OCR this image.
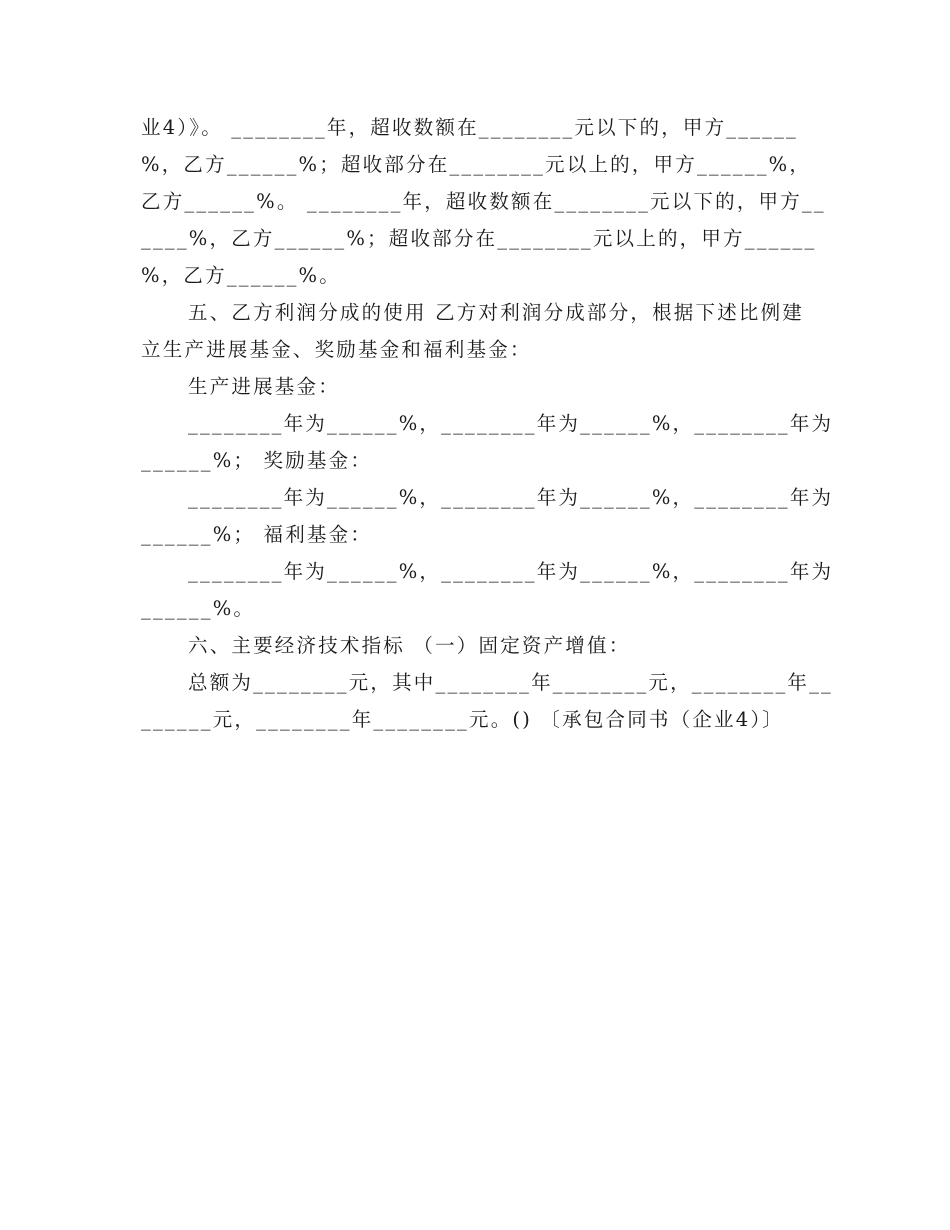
业4）》。 ________年，超收数额在________元以下的，甲方______
%，乙方______%；超收部分在________元以上的，甲方______%，
乙方______%。 ________年，超收数额在________元以下的，甲方__
____%，乙方______%；超收部分在________元以上的，甲方______
%，乙方______%。
五、乙方利润分成的使用 乙方对利润分成部分，根据下述比例建
立生产进展基金、奖励基金和福利基金：
生产进展基金：
________年为______%，________年为______%，________年为
______%； 奖励基金：
________年为______%，________年为______%，________年为
______%； 福利基金：
________年为______%，________年为______%，________年为
______%。
六、主要经济技术指标 （一）固定资产增值：
总额为________元，其中________年________元，________年__
______元，________年________元。() 〔承包合同书（企业4）〕
